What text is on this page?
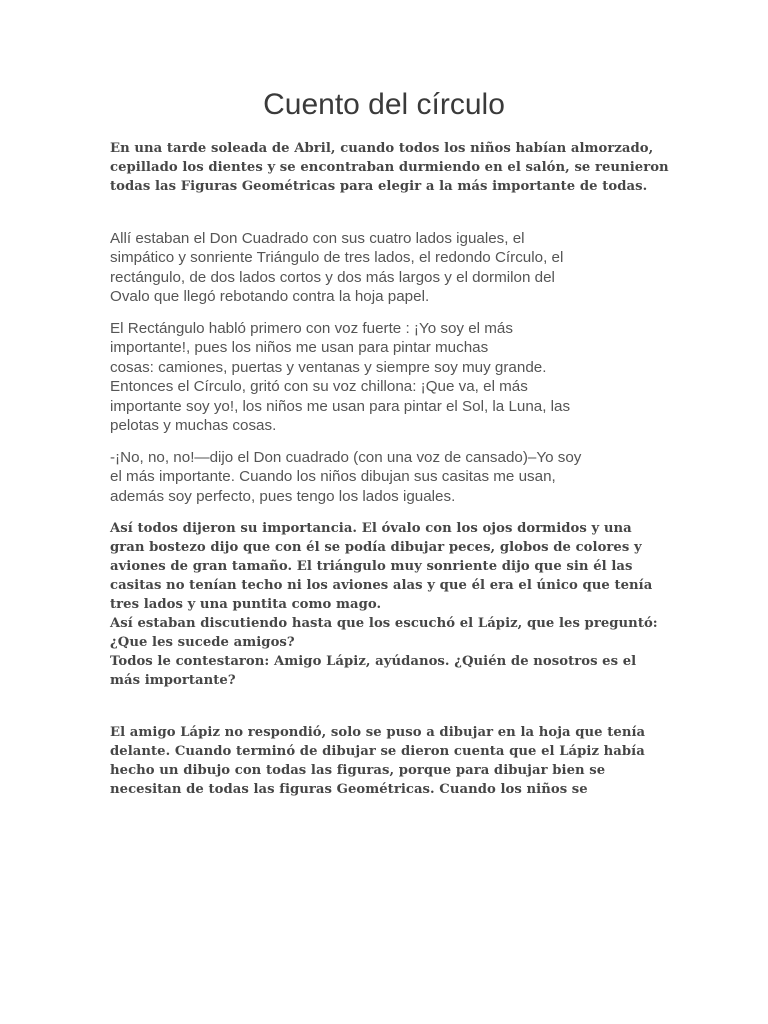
Cuento del círculo

En una tarde soleada de Abril, cuando todos los niños habían almorzado,
cepillado los dientes y se encontraban durmiendo en el salón, se reunieron
todas las Figuras Geométricas para elegir a la más importante de todas.

Allí estaban el Don Cuadrado con sus cuatro lados iguales, el
simpático y sonriente Triángulo de tres lados, el redondo Círculo, el
rectángulo, de dos lados cortos y dos más largos y el dormilon del
Ovalo que llegó rebotando contra la hoja papel.

El Rectángulo habló primero con voz fuerte : ¡Yo soy el más
importante!, pues los niños me usan para pintar muchas
cosas: camiones, puertas y ventanas y siempre soy muy grande.
Entonces el Círculo, gritó con su voz chillona: ¡Que va, el más
importante soy yo!, los niños me usan para pintar el Sol, la Luna, las
pelotas y muchas cosas.

-¡No, no, no!—dijo el Don cuadrado (con una voz de cansado)–Yo soy
el más importante. Cuando los niños dibujan sus casitas me usan,
además soy perfecto, pues tengo los lados iguales.

Así todos dijeron su importancia. El óvalo con los ojos dormidos y una
gran bostezo dijo que con él se podía dibujar peces, globos de colores y
aviones de gran tamaño. El triángulo muy sonriente dijo que sin él las
casitas no tenían techo ni los aviones alas y que él era el único que tenía
tres lados y una puntita como mago.
Así estaban discutiendo hasta que los escuchó el Lápiz, que les preguntó:
¿Que les sucede amigos?
Todos le contestaron: Amigo Lápiz, ayúdanos. ¿Quién de nosotros es el
más importante?

El amigo Lápiz no respondió, solo se puso a dibujar en la hoja que tenía
delante. Cuando terminó de dibujar se dieron cuenta que el Lápiz había
hecho un dibujo con todas las figuras, porque para dibujar bien se
necesitan de todas las figuras Geométricas. Cuando los niños se
